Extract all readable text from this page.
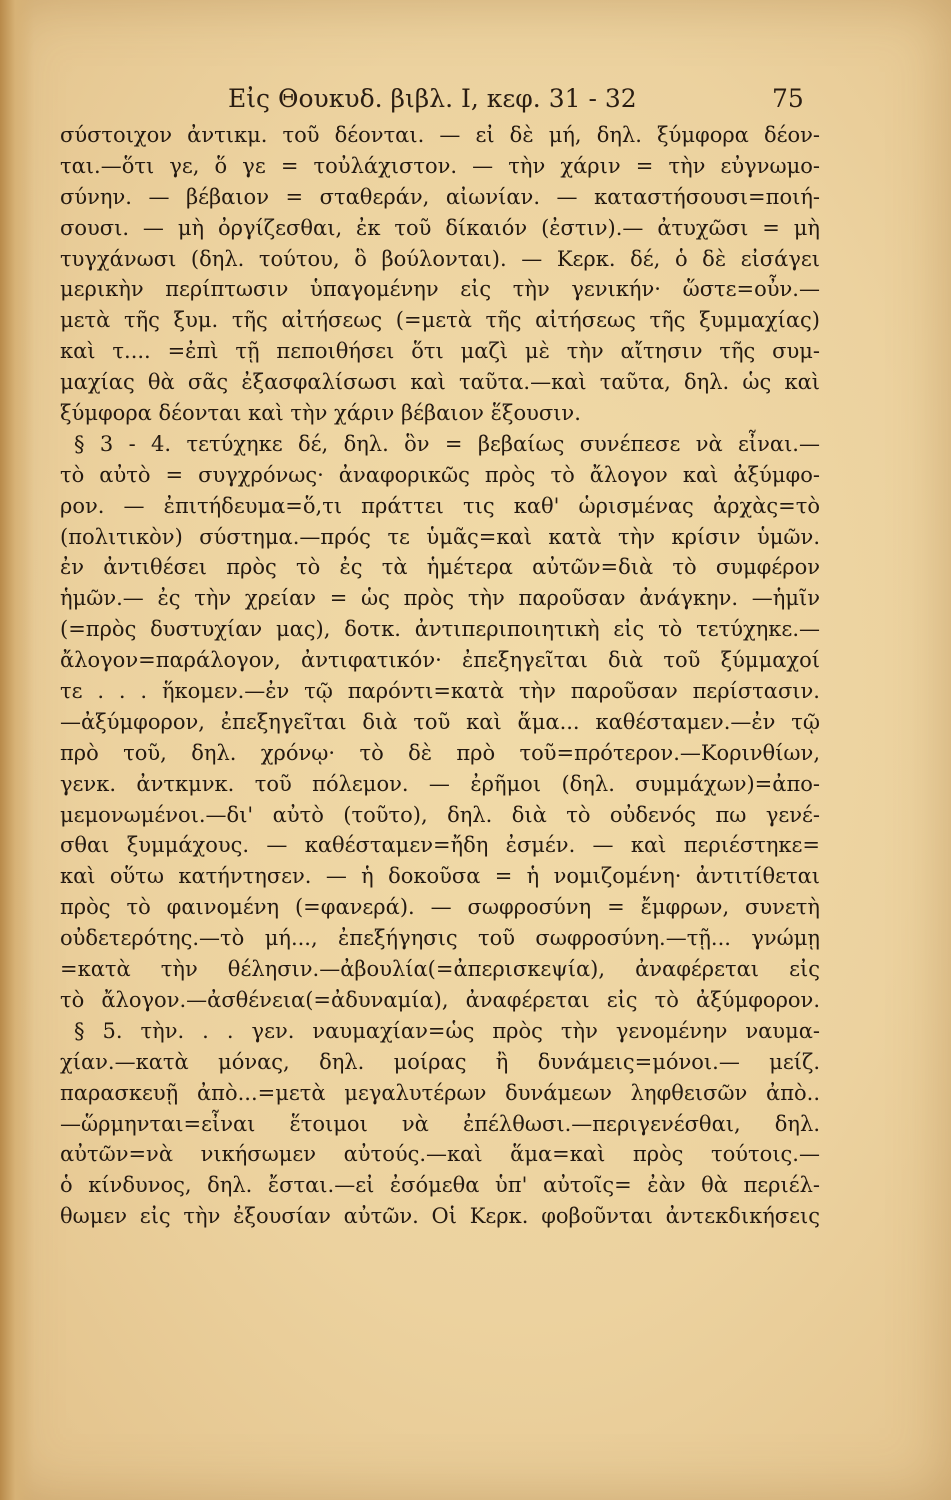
Εἰς Θουκυδ. βιβλ. Ι, κεφ. 31 - 32	75
σύστοιχον ἀντικμ. τοῦ δέονται. — εἰ δὲ μή, δηλ. ξύμφορα δέον-
ται.—ὅτι γε, ὅ γε = τοὐλάχιστον. — τὴν χάριν = τὴν εὐγνωμο-
σύνην. — βέβαιον = σταθεράν, αἰωνίαν. — καταστήσουσι=ποιή-
σουσι. — μὴ ὀργίζεσθαι, ἐκ τοῦ δίκαιόν (ἐστιν).— ἀτυχῶσι = μὴ
τυγχάνωσι (δηλ. τούτου, ὃ βούλονται). — Κερκ. δέ, ὁ δὲ εἰσάγει
μερικὴν περίπτωσιν ὑπαγομένην εἰς τὴν γενικήν· ὥστε=οὖν.—
μετὰ τῆς ξυμ. τῆς αἰτήσεως (=μετὰ τῆς αἰτήσεως τῆς ξυμμαχίας)
καὶ τ.... =ἐπὶ τῇ πεποιθήσει ὅτι μαζὶ μὲ τὴν αἴτησιν τῆς συμ-
μαχίας θὰ σᾶς ἐξασφαλίσωσι καὶ ταῦτα.—καὶ ταῦτα, δηλ. ὡς καὶ
ξύμφορα δέονται καὶ τὴν χάριν βέβαιον ἕξουσιν.
§ 3 - 4. τετύχηκε δέ, δηλ. ὃν = βεβαίως συνέπεσε νὰ εἶναι.—
τὸ αὐτὸ = συγχρόνως· ἀναφορικῶς πρὸς τὸ ἄλογον καὶ ἀξύμφο-
ρον. — ἐπιτήδευμα=ὅ,τι πράττει τις καθ' ὡρισμένας ἀρχὰς=τὸ
(πολιτικὸν) σύστημα.—πρός τε ὑμᾶς=καὶ κατὰ τὴν κρίσιν ὑμῶν.
ἐν ἀντιθέσει πρὸς τὸ ἐς τὰ ἡμέτερα αὐτῶν=διὰ τὸ συμφέρον
ἡμῶν.— ἐς τὴν χρείαν = ὡς πρὸς τὴν παροῦσαν ἀνάγκην. —ἡμῖν
(=πρὸς δυστυχίαν μας), δοτκ. ἀντιπεριποιητικὴ εἰς τὸ τετύχηκε.—
ἄλογον=παράλογον, ἀντιφατικόν· ἐπεξηγεῖται διὰ τοῦ ξύμμαχοί
τε . . . ἥκομεν.—ἐν τῷ παρόντι=κατὰ τὴν παροῦσαν περίστασιν.
—ἀξύμφορον, ἐπεξηγεῖται διὰ τοῦ καὶ ἅμα... καθέσταμεν.—ἐν τῷ
πρὸ τοῦ, δηλ. χρόνῳ· τὸ δὲ πρὸ τοῦ=πρότερον.—Κορινθίων,
γενκ. ἀντκμνκ. τοῦ πόλεμον. — ἐρῆμοι (δηλ. συμμάχων)=ἀπο-
μεμονωμένοι.—δι' αὐτὸ (τοῦτο), δηλ. διὰ τὸ οὐδενός πω γενέ-
σθαι ξυμμάχους. — καθέσταμεν=ἤδη ἐσμέν. — καὶ περιέστηκε=
καὶ οὕτω κατήντησεν. — ἡ δοκοῦσα = ἡ νομιζομένη· ἀντιτίθεται
πρὸς τὸ φαινομένη (=φανερά). — σωφροσύνη = ἔμφρων, συνετὴ
οὐδετερότης.—τὸ μή..., ἐπεξήγησις τοῦ σωφροσύνη.—τῇ... γνώμῃ
=κατὰ τὴν θέλησιν.—ἀβουλία(=ἀπερισκεψία), ἀναφέρεται εἰς
τὸ ἄλογον.—ἀσθένεια(=ἀδυναμία), ἀναφέρεται εἰς τὸ ἀξύμφορον.
§ 5. τὴν. . . γεν. ναυμαχίαν=ὡς πρὸς τὴν γενομένην ναυμα-
χίαν.—κατὰ μόνας, δηλ. μοίρας ἢ δυνάμεις=μόνοι.— μείζ.
παρασκευῇ ἀπὸ...=μετὰ μεγαλυτέρων δυνάμεων ληφθεισῶν ἀπὸ..
—ὥρμηνται=εἶναι ἕτοιμοι νὰ ἐπέλθωσι.—περιγενέσθαι, δηλ.
αὐτῶν=νὰ νικήσωμεν αὐτούς.—καὶ ἅμα=καὶ πρὸς τούτοις.—
ὁ κίνδυνος, δηλ. ἔσται.—εἰ ἐσόμεθα ὑπ' αὐτοῖς= ἐὰν θὰ περιέλ-
θωμεν εἰς τὴν ἐξουσίαν αὐτῶν. Οἱ Κερκ. φοβοῦνται ἀντεκδικήσεις
